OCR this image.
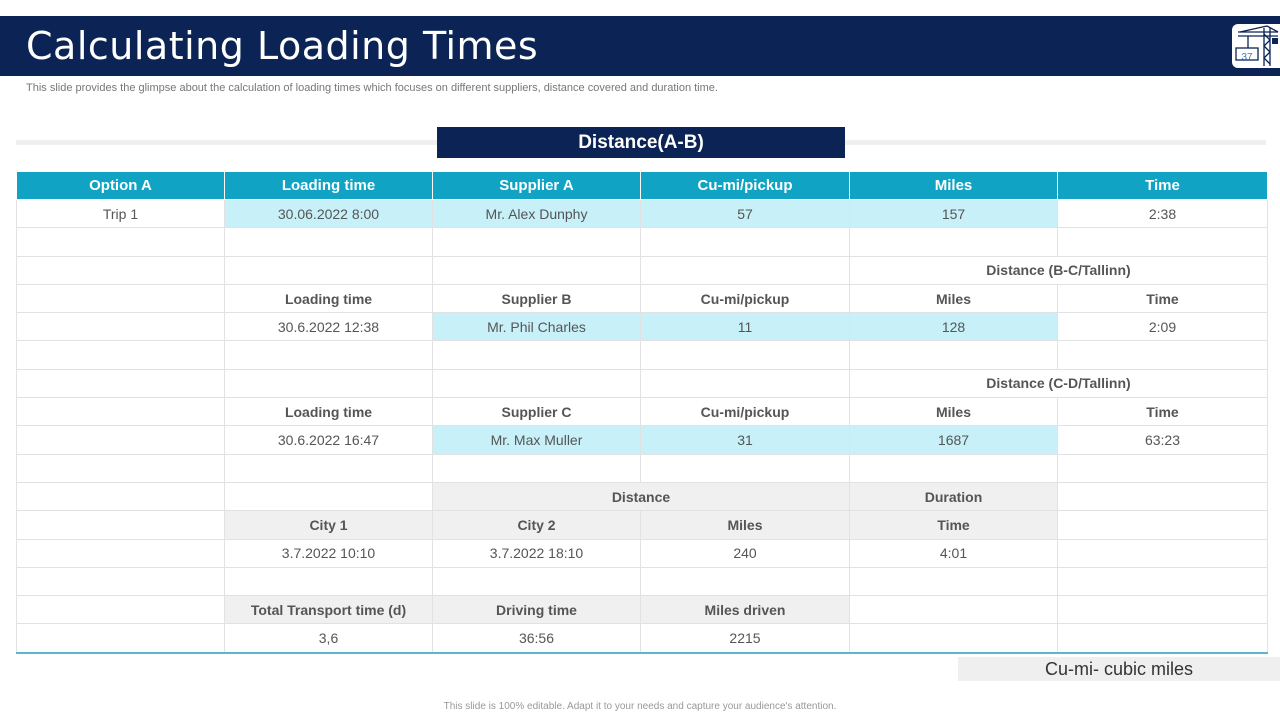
Calculating Loading Times	37
This slide provides the glimpse about the calculation of loading times which focuses on different suppliers, distance covered and duration time.
Distance(A-B)
Option A	Loading time	Supplier A	Cu-mi/pickup	Miles	Time
Trip 1	30.06.2022 8:00	Mr. Alex Dunphy	57	157	2:38

				Distance (B-C/Tallinn)	
	Loading time	Supplier B	Cu-mi/pickup	Miles	Time
	30.6.2022 12:38	Mr. Phil Charles	11	128	2:09

				Distance (C-D/Tallinn)	
	Loading time	Supplier C	Cu-mi/pickup	Miles	Time
	30.6.2022 16:47	Mr. Max Muller	31	1687	63:23

		Distance		Duration	
	City 1	City 2	Miles	Time	
	3.7.2022 10:10	3.7.2022 18:10	240	4:01	

	Total Transport time (d)	Driving time	Miles driven		
	3,6	36:56	2215		
Cu-mi- cubic miles
This slide is 100% editable. Adapt it to your needs and capture your audience's attention.
